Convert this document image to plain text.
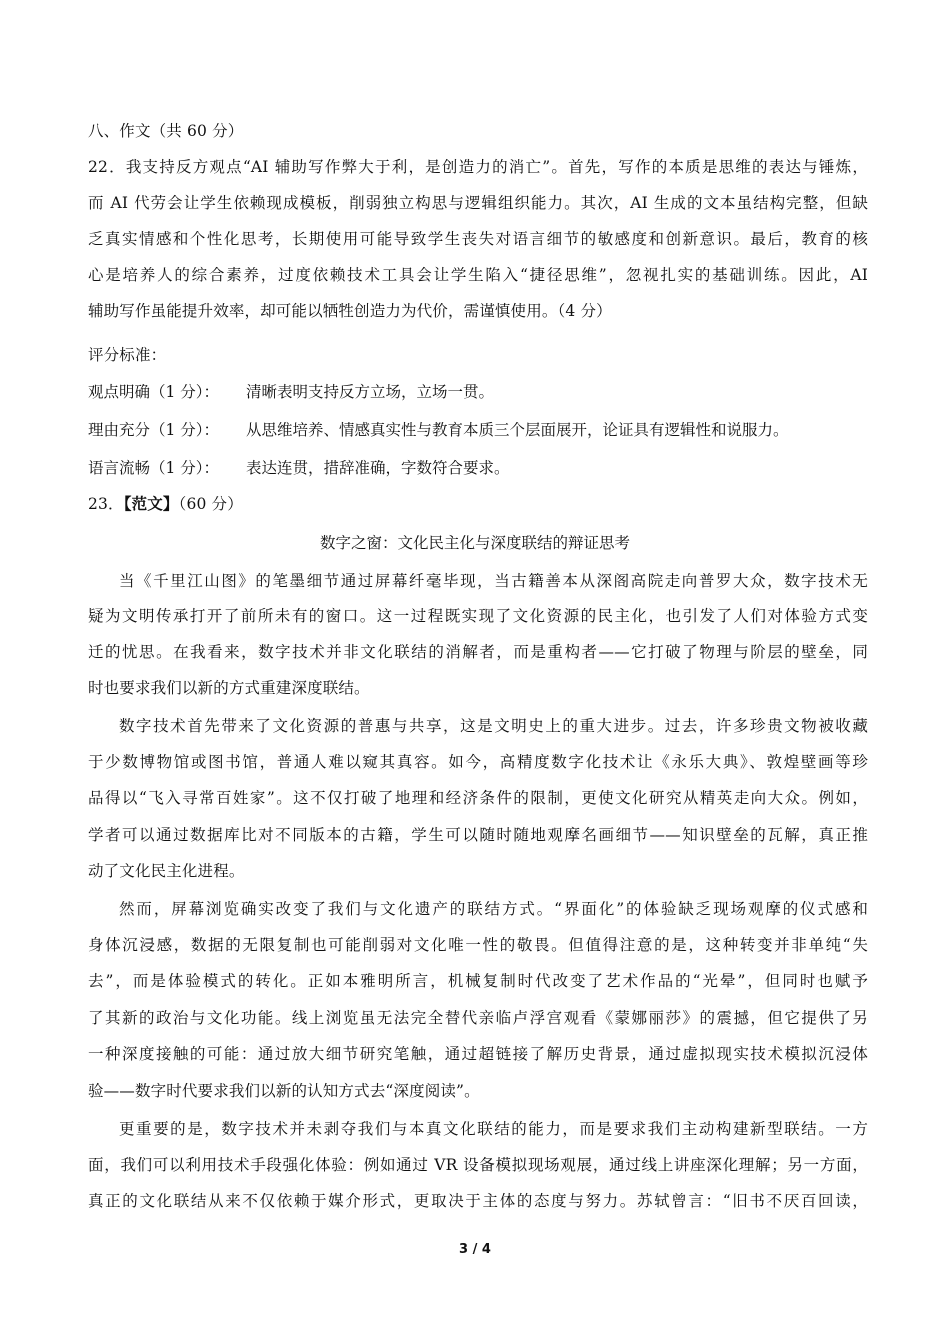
八、作文（共 60 分）
22．我支持反方观点“AI 辅助写作弊大于利，是创造力的消亡”。首先，写作的本质是思维的表达与锤炼，
而 AI 代劳会让学生依赖现成模板，削弱独立构思与逻辑组织能力。其次，AI 生成的文本虽结构完整，但缺
乏真实情感和个性化思考，长期使用可能导致学生丧失对语言细节的敏感度和创新意识。最后，教育的核
心是培养人的综合素养，过度依赖技术工具会让学生陷入“捷径思维”，忽视扎实的基础训练。因此，AI
辅助写作虽能提升效率，却可能以牺牲创造力为代价，需谨慎使用。（4 分）
评分标准：
观点明确（1 分）： 清晰表明支持反方立场，立场一贯。
理由充分（1 分）： 从思维培养、情感真实性与教育本质三个层面展开，论证具有逻辑性和说服力。
语言流畅（1 分）： 表达连贯，措辞准确，字数符合要求。
23．【范文】（60 分）
数字之窗：文化民主化与深度联结的辩证思考
当《千里江山图》的笔墨细节通过屏幕纤毫毕现，当古籍善本从深阁高院走向普罗大众，数字技术无
疑为文明传承打开了前所未有的窗口。这一过程既实现了文化资源的民主化，也引发了人们对体验方式变
迁的忧思。在我看来，数字技术并非文化联结的消解者，而是重构者——它打破了物理与阶层的壁垒，同
时也要求我们以新的方式重建深度联结。
数字技术首先带来了文化资源的普惠与共享，这是文明史上的重大进步。过去，许多珍贵文物被收藏
于少数博物馆或图书馆，普通人难以窥其真容。如今，高精度数字化技术让《永乐大典》、敦煌壁画等珍
品得以“飞入寻常百姓家”。这不仅打破了地理和经济条件的限制，更使文化研究从精英走向大众。例如，
学者可以通过数据库比对不同版本的古籍，学生可以随时随地观摩名画细节——知识壁垒的瓦解，真正推
动了文化民主化进程。
然而，屏幕浏览确实改变了我们与文化遗产的联结方式。“界面化”的体验缺乏现场观摩的仪式感和
身体沉浸感，数据的无限复制也可能削弱对文化唯一性的敬畏。但值得注意的是，这种转变并非单纯“失
去”，而是体验模式的转化。正如本雅明所言，机械复制时代改变了艺术作品的“光晕”，但同时也赋予
了其新的政治与文化功能。线上浏览虽无法完全替代亲临卢浮宫观看《蒙娜丽莎》的震撼，但它提供了另
一种深度接触的可能：通过放大细节研究笔触，通过超链接了解历史背景，通过虚拟现实技术模拟沉浸体
验——数字时代要求我们以新的认知方式去“深度阅读”。
更重要的是，数字技术并未剥夺我们与本真文化联结的能力，而是要求我们主动构建新型联结。一方
面，我们可以利用技术手段强化体验：例如通过 VR 设备模拟现场观展，通过线上讲座深化理解；另一方面，
真正的文化联结从来不仅依赖于媒介形式，更取决于主体的态度与努力。苏轼曾言：“旧书不厌百回读，
3 / 4
